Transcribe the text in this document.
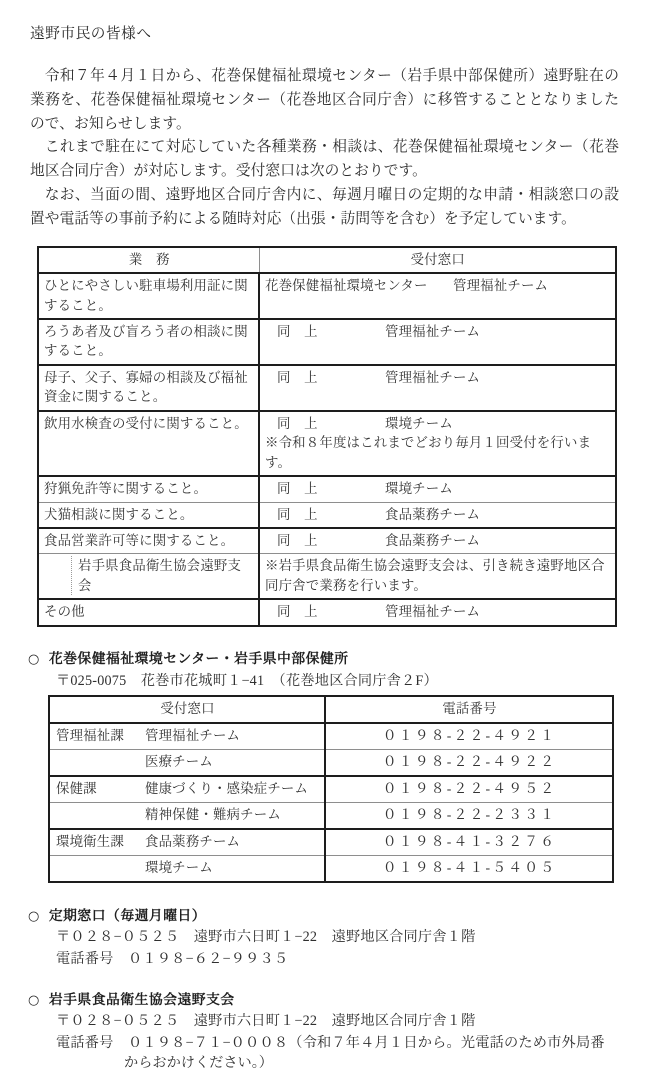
遠野市民の皆様へ

令和７年４月１日から、花巻保健福祉環境センター（岩手県中部保健所）遠野駐在の業務を、花巻保健福祉環境センター（花巻地区合同庁舎）に移管することとなりましたので、お知らせします。

これまで駐在にて対応していた各種業務・相談は、花巻保健福祉環境センター（花巻地区合同庁舎）が対応します。受付窓口は次のとおりです。

なお、当面の間、遠野地区合同庁舎内に、毎週月曜日の定期的な申請・相談窓口の設置や電話等の事前予約による随時対応（出張・訪問等を含む）を予定しています。

業　務	受付窓口
ひとにやさしい駐車場利用証に関すること。	花巻保健福祉環境センター 管理福祉チーム

ろうあ者及び盲ろう者の相談に関すること。	同　上 管理福祉チーム

母子、父子、寡婦の相談及び福祉資金に関すること。	同　上 管理福祉チーム

飲用水検査の受付に関すること。	同　上 環境チーム
※令和８年度はこれまでどおり毎月１回受付を行います。

狩猟免許等に関すること。	同　上 環境チーム

犬猫相談に関すること。	同　上 食品薬務チーム

食品営業許可等に関すること。	同　上 食品薬務チーム

岩手県食品衛生協会遠野支会	※岩手県食品衛生協会遠野支会は、引き続き遠野地区合同庁舎で業務を行います。
その他	同　上 管理福祉チーム
○ 花巻保健福祉環境センター・岩手県中部保健所
〒025-0075　花巻市花城町１−41　（花巻地区合同庁舎２F）
受付窓口		電話番号
管理福祉課	管理福祉チーム	０１９８-２２-４９２１
	医療チーム	０１９８-２２-４９２２
保健課	健康づくり・感染症チーム	０１９８-２２-４９５２
	精神保健・難病チーム	０１９８-２２-２３３１
環境衛生課	食品薬務チーム	０１９８-４１-３２７６
	環境チーム	０１９８-４１-５４０５
○ 定期窓口（毎週月曜日）
〒０２８−０５２５　遠野市六日町１−22　遠野地区合同庁舎１階
電話番号　０１９８−６２−９９３５
○ 岩手県食品衛生協会遠野支会
〒０２８−０５２５　遠野市六日町１−22　遠野地区合同庁舎１階
電話番号　０１９８−７１−０００８（令和７年４月１日から。光電話のため市外局番
からおかけください。）
